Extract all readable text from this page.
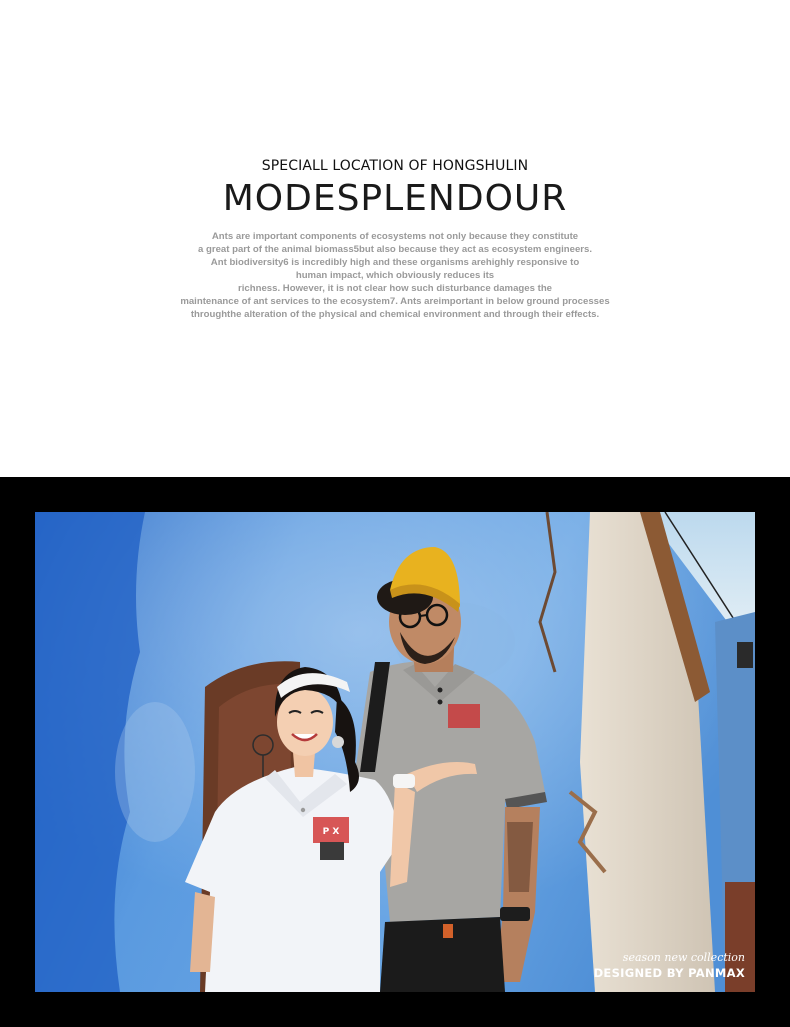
SPECIALL LOCATION OF HONGSHULIN
MODESPLENDOUR
Ants are important components of ecosystems not only because they constitute
a great part of the animal biomass5but also because they act as ecosystem engineers.
Ant biodiversity6 is incredibly high and these organisms arehighly responsive to
human impact, which obviously reduces its
richness. However, it is not clear how such disturbance damages the
maintenance of ant services to the ecosystem7. Ants areimportant in below ground processes
throughthe alteration of the physical and chemical environment and through their effects.
P X
season new collection
DESIGNED BY PANMAX
